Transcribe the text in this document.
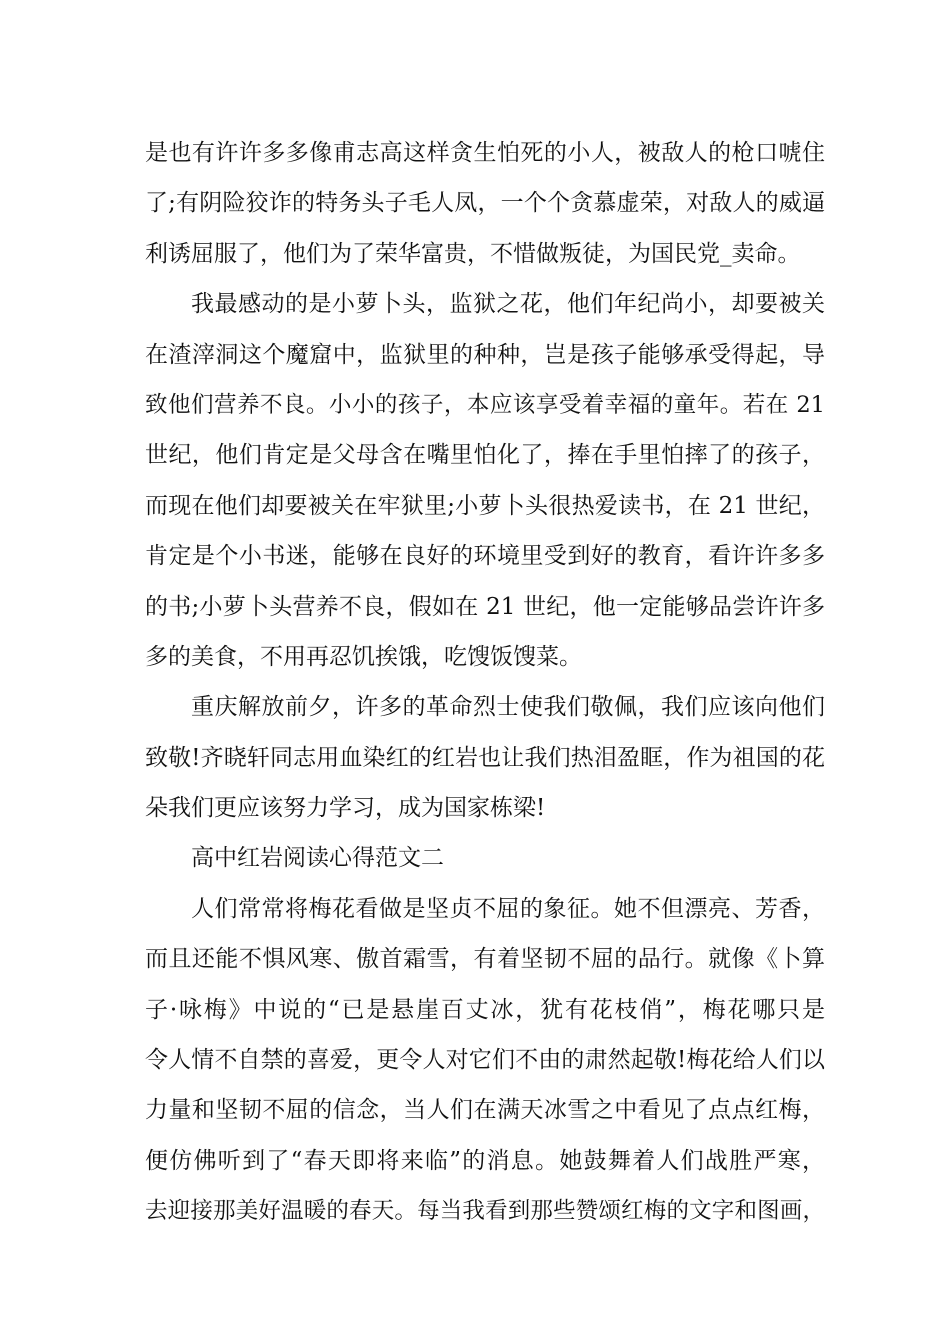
是也有许许多多像甫志高这样贪生怕死的小人，被敌人的枪口唬住
了;有阴险狡诈的特务头子毛人凤，一个个贪慕虚荣，对敌人的威逼
利诱屈服了，他们为了荣华富贵，不惜做叛徒，为国民党_卖命。
我最感动的是小萝卜头，监狱之花，他们年纪尚小，却要被关
在渣滓洞这个魔窟中，监狱里的种种，岂是孩子能够承受得起，导
致他们营养不良。小小的孩子，本应该享受着幸福的童年。若在 21
世纪，他们肯定是父母含在嘴里怕化了，捧在手里怕摔了的孩子，
而现在他们却要被关在牢狱里;小萝卜头很热爱读书，在 21 世纪，
肯定是个小书迷，能够在良好的环境里受到好的教育，看许许多多
的书;小萝卜头营养不良，假如在 21 世纪，他一定能够品尝许许多
多的美食，不用再忍饥挨饿，吃馊饭馊菜。
重庆解放前夕，许多的革命烈士使我们敬佩，我们应该向他们
致敬!齐晓轩同志用血染红的红岩也让我们热泪盈眶，作为祖国的花
朵我们更应该努力学习，成为国家栋梁!
高中红岩阅读心得范文二
人们常常将梅花看做是坚贞不屈的象征。她不但漂亮、芳香，
而且还能不惧风寒、傲首霜雪，有着坚韧不屈的品行。就像《卜算
子·咏梅》中说的“已是悬崖百丈冰，犹有花枝俏”，梅花哪只是
令人情不自禁的喜爱，更令人对它们不由的肃然起敬!梅花给人们以
力量和坚韧不屈的信念，当人们在满天冰雪之中看见了点点红梅，
便仿佛听到了“春天即将来临”的消息。她鼓舞着人们战胜严寒，
去迎接那美好温暖的春天。每当我看到那些赞颂红梅的文字和图画，
